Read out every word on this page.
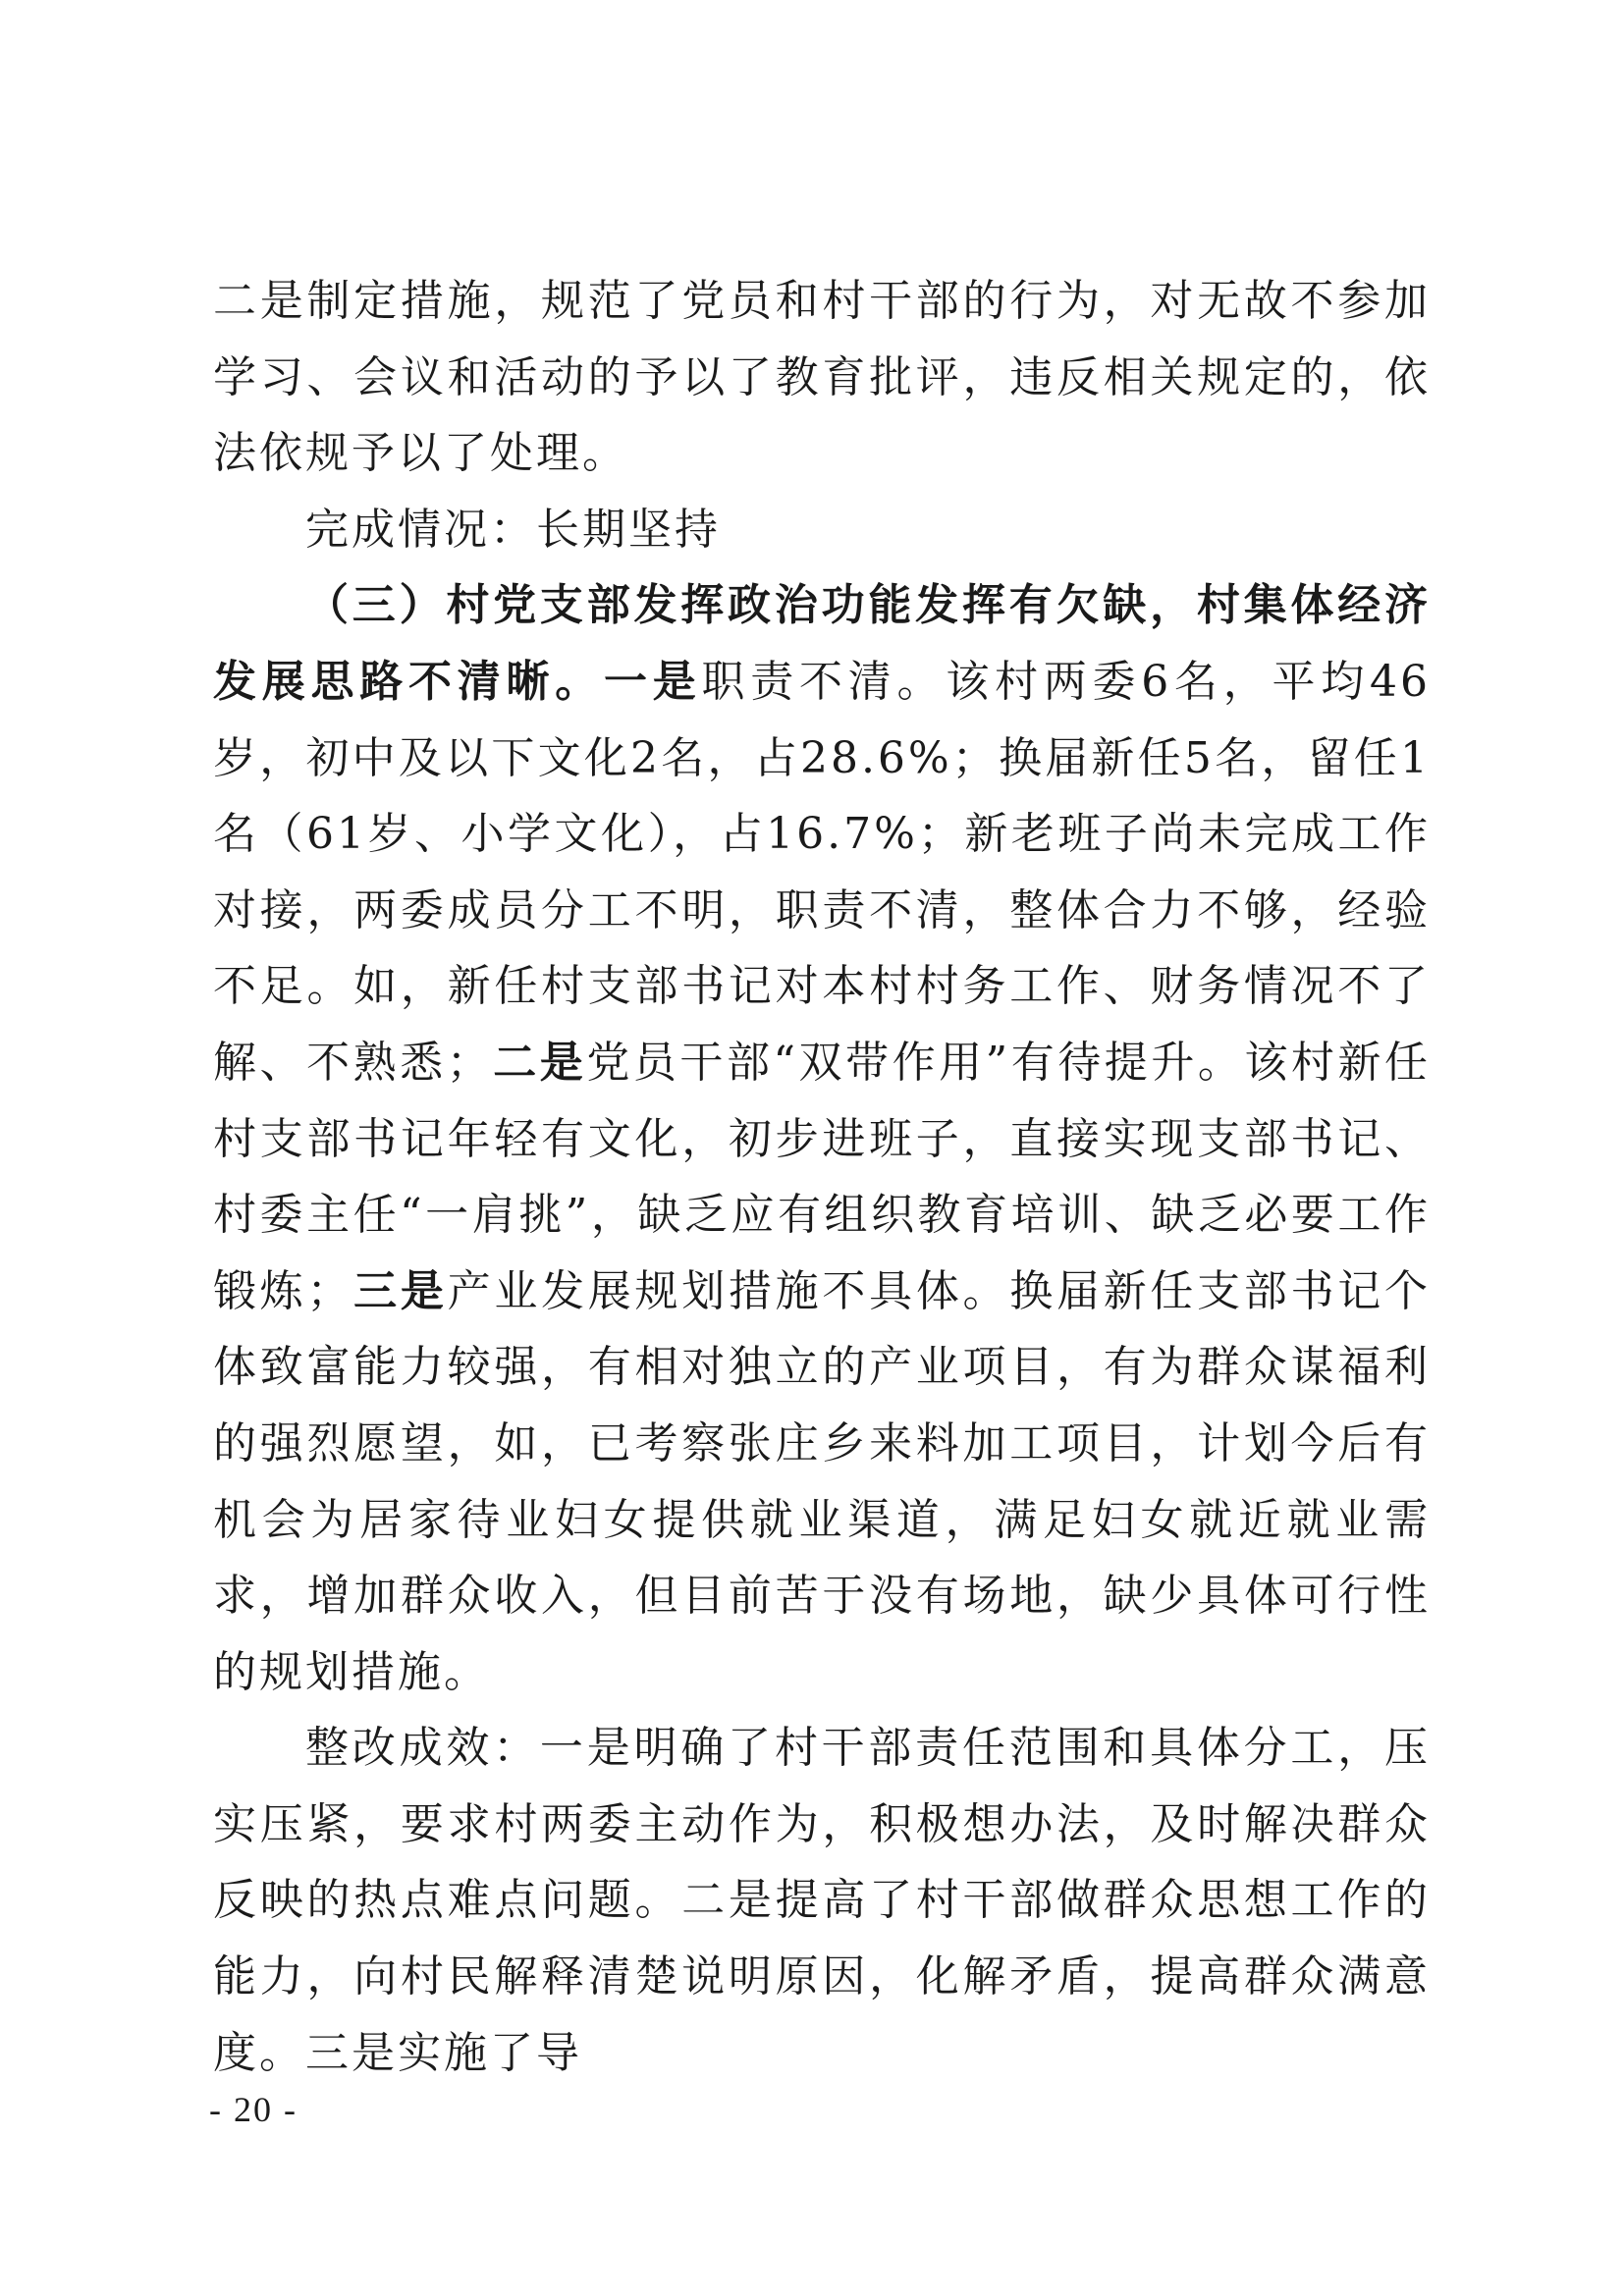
二是制定措施，规范了党员和村干部的行为，对无故不参加学习、会议和活动的予以了教育批评，违反相关规定的，依法依规予以了处理。

完成情况：长期坚持

（三）村党支部发挥政治功能发挥有欠缺，村集体经济发展思路不清晰。一是职责不清。该村两委6名，平均46岁，初中及以下文化2名，占28.6%；换届新任5名，留任1名（61岁、小学文化），占16.7%；新老班子尚未完成工作对接，两委成员分工不明，职责不清，整体合力不够，经验不足。如，新任村支部书记对本村村务工作、财务情况不了解、不熟悉；二是党员干部“双带作用”有待提升。该村新任村支部书记年轻有文化，初步进班子，直接实现支部书记、村委主任“一肩挑”，缺乏应有组织教育培训、缺乏必要工作锻炼；三是产业发展规划措施不具体。换届新任支部书记个体致富能力较强，有相对独立的产业项目，有为群众谋福利的强烈愿望，如，已考察张庄乡来料加工项目，计划今后有机会为居家待业妇女提供就业渠道，满足妇女就近就业需求，增加群众收入，但目前苦于没有场地，缺少具体可行性的规划措施。

整改成效：一是明确了村干部责任范围和具体分工，压实压紧，要求村两委主动作为，积极想办法，及时解决群众反映的热点难点问题。二是提高了村干部做群众思想工作的能力，向村民解释清楚说明原因，化解矛盾，提高群众满意度。三是实施了导

- 20 -
